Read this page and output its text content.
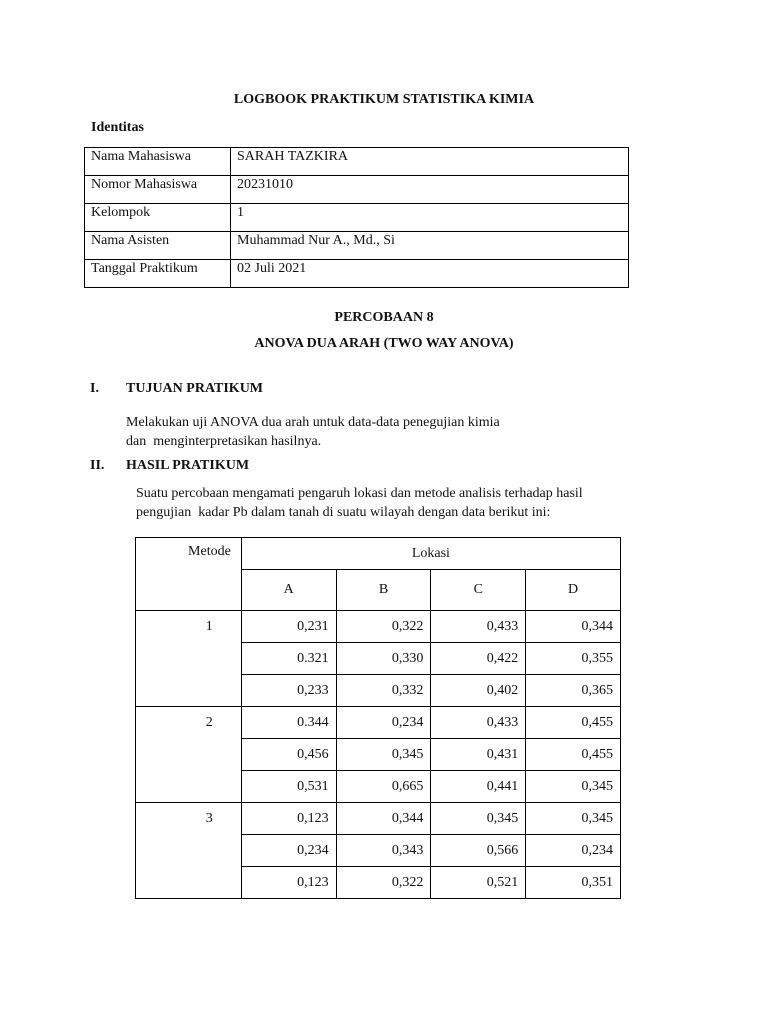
LOGBOOK PRAKTIKUM STATISTIKA KIMIA
Identitas
Nama Mahasiswa	SARAH TAZKIRA
Nomor Mahasiswa	20231010
Kelompok	1
Nama Asisten	Muhammad Nur A., Md., Si
Tanggal Praktikum	02 Juli 2021
PERCOBAAN 8
ANOVA DUA ARAH (TWO WAY ANOVA)
I. TUJUAN PRATIKUM
Melakukan uji ANOVA dua arah untuk data-data penegujian kimia
dan  menginterpretasikan hasilnya.
II. HASIL PRATIKUM
Suatu percobaan mengamati pengaruh lokasi dan metode analisis terhadap hasil
pengujian  kadar Pb dalam tanah di suatu wilayah dengan data berikut ini:
Metode	Lokasi			
	A	B	C	D
1	0,231	0,322	0,433	0,344
	0.321	0,330	0,422	0,355
	0,233	0,332	0,402	0,365
2	0.344	0,234	0,433	0,455
	0,456	0,345	0,431	0,455
	0,531	0,665	0,441	0,345
3	0,123	0,344	0,345	0,345
	0,234	0,343	0,566	0,234
	0,123	0,322	0,521	0,351
